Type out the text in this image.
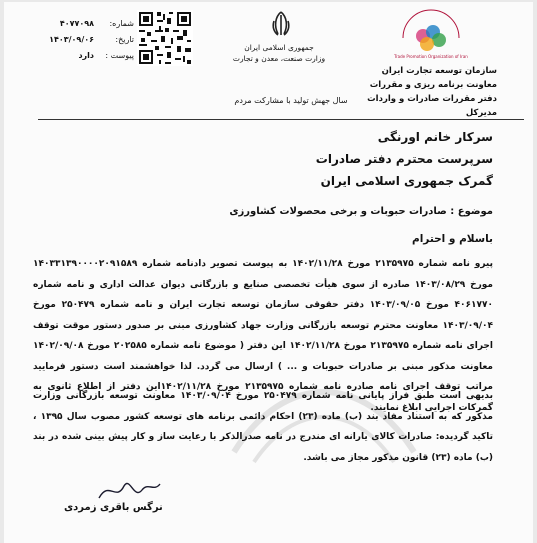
Trade Promotion Organization of Iran
سازمان توسعه تجارت ایران
معاونت برنامه ریزی و مقررات
دفتر مقررات صادرات و واردات
مدیرکل
جمهوری اسلامی ایران
وزارت صنعت، معدن و تجارت
سال جهش تولید با مشارکت مردم
شماره:
۴۰۷۷۰۹۸
تاریخ:
۱۴۰۳/۰۹/۰۶
پیوست :
دارد
سرکار خانم اورنگی
سرپرست محترم دفتر صادرات
گمرک جمهوری اسلامی ایران
موضوع : صادرات حبوبات و برخی محصولات کشاورزی
باسلام و احترام
پیرو نامه شماره ۲۱۳۵۹۷۵ مورخ ۱۴۰۲/۱۱/۲۸ به پیوست تصویر دادنامه شماره ۱۴۰۳۳۱۳۹۰۰۰۰۲۰۹۱۵۸۹ مورخ ۱۴۰۳/۰۸/۲۹ صادره از سوی هیأت تخصصی صنایع و بازرگانی دیوان عدالت اداری و نامه شماره ۴۰۶۱۷۷۰ مورخ ۱۴۰۳/۰۹/۰۵ دفتر حقوقی سازمان توسعه تجارت ایران و نامه شماره ۲۵۰۴۷۹ مورخ ۱۴۰۳/۰۹/۰۴ معاونت محترم توسعه بازرگانی وزارت جهاد کشاورزی مبنی بر صدور دستور موقت توقف اجرای نامه شماره ۲۱۳۵۹۷۵ مورخ ۱۴۰۲/۱۱/۲۸ این دفتر ( موضوع نامه شماره ۲۰۲۵۸۵ مورخ ۱۴۰۲/۰۹/۰۸ معاونت مذکور مبنی بر صادرات حبوبات و ... ) ارسال می گردد. لذا خواهشمند است دستور فرمایید مراتب توقف اجرای نامه صادره نامه شماره ۲۱۳۵۹۷۵ مورخ ۱۴۰۲/۱۱/۲۸این دفتر از اطلاع ثانوی به گمرکات اجرایی ابلاغ نمایند.
بدیهی است طبق فراز پایانی نامه شماره ۲۵۰۴۷۹ مورخ ۱۴۰۳/۰۹/۰۴ معاونت توسعه بازرگانی وزارت مذکور که به استناد مفاد بند (ب) ماده (۲۳) احکام دائمی برنامه های توسعه کشور مصوب سال ۱۳۹۵ ، تاکید گردیده: صادرات کالای یارانه ای مندرج در نامه صدرالذکر با رعایت ساز و کار پیش بینی شده در بند (ب) ماده (۲۳) قانون مذکور مجاز می باشد.
نرگس باقری زمردی
